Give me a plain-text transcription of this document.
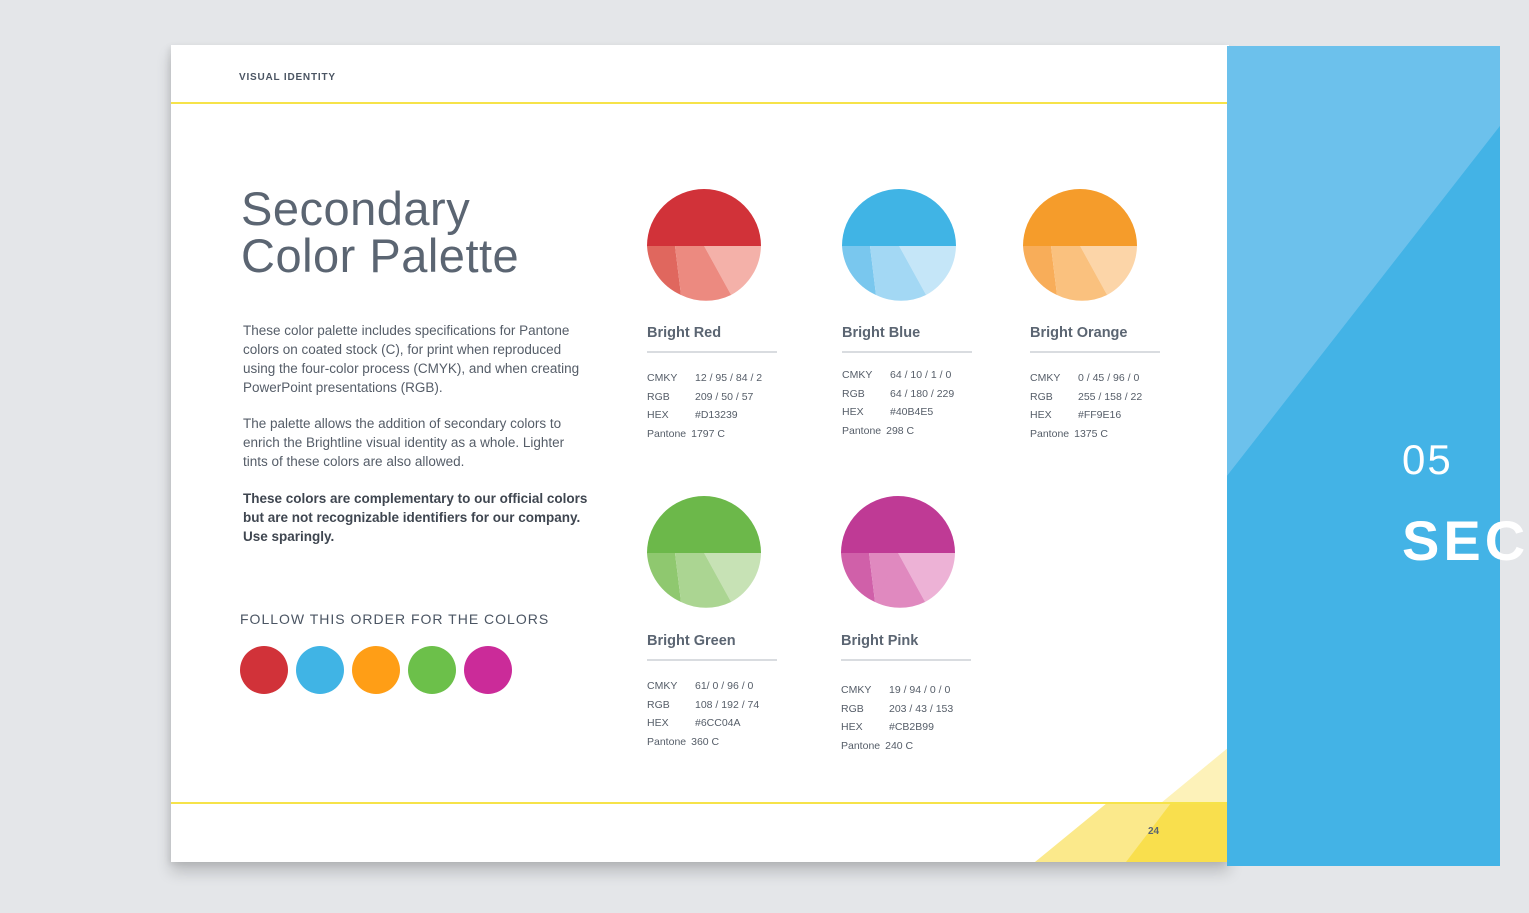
VISUAL IDENTITY
Secondary
Color Palette

These color palette includes specifications for Pantone colors on coated stock (C), for print when reproduced using the four-color process (CMYK), and when creating PowerPoint presentations (RGB).

The palette allows the addition of secondary colors to enrich the Brightline visual identity as a whole. Lighter tints of these colors are also allowed.

These colors are complementary to our official colors but are not recognizable identifiers for our company. Use sparingly.

FOLLOW THIS ORDER FOR THE COLORS
Bright Red
CMKY	12 / 95 / 84 / 2
RGB	209 / 50 / 57
HEX	#D13239
Pantone 1797 C
Bright Blue
CMKY	64 / 10 / 1 / 0
RGB	64 / 180 / 229
HEX	#40B4E5
Pantone 298 C
Bright Orange
CMKY	0 / 45 / 96 / 0
RGB	255 / 158 / 22
HEX	#FF9E16
Pantone 1375 C
Bright Green
CMKY	61/ 0 / 96 / 0
RGB	108 / 192 / 74
HEX	#6CC04A
Pantone 360 C
Bright Pink
CMKY	19 / 94 / 0 / 0
RGB	203 / 43 / 153
HEX	#CB2B99
Pantone 240 C
24
05
SEC
